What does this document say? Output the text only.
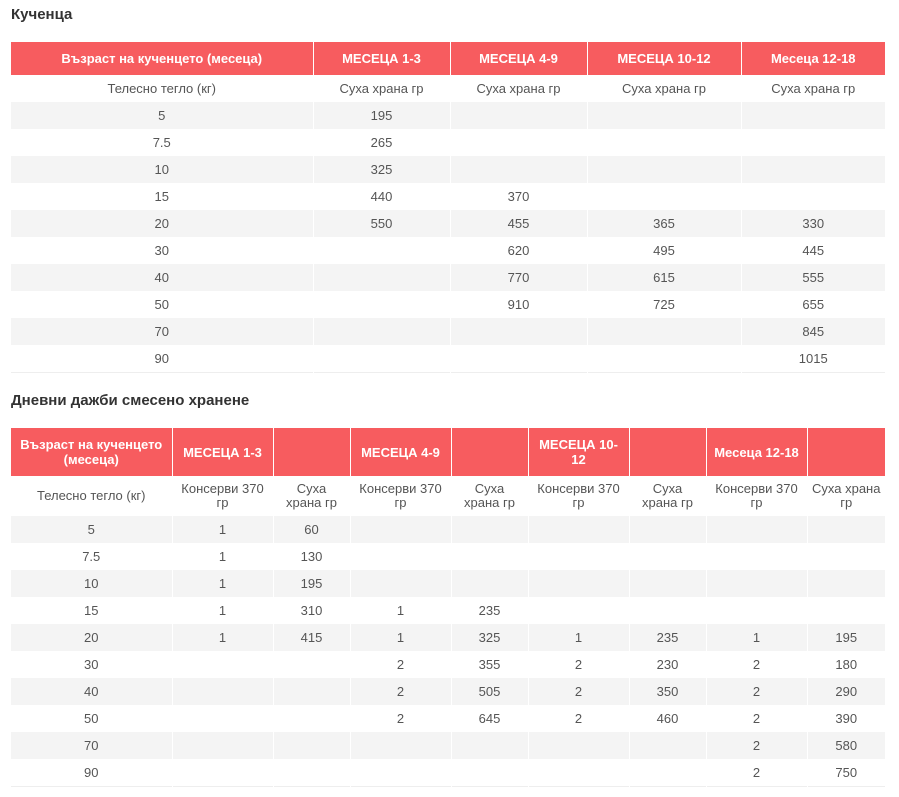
Кученца
Възраст на кученцето (месеца)	МЕСЕЦА 1-3	МЕСЕЦА 4-9	МЕСЕЦА 10-12	Месеца 12-18
Телесно тегло (кг)	Суха храна гр	Суха храна гр	Суха храна гр	Суха храна гр
5	195			
7.5	265			
10	325			
15	440	370		
20	550	455	365	330
30		620	495	445
40		770	615	555
50		910	725	655
70				845
90				1015
Дневни дажби смесено хранене
Възраст на кученцето (месеца)	МЕСЕЦА 1-3		МЕСЕЦА 4-9		МЕСЕЦА 10-12		Месеца 12-18	
Телесно тегло (кг)	Консерви 370 гр	Суха храна гр	Консерви 370 гр	Суха храна гр	Консерви 370 гр	Суха храна гр	Консерви 370 гр	Суха храна гр
5	1	60						
7.5	1	130						
10	1	195						
15	1	310	1	235				
20	1	415	1	325	1	235	1	195
30			2	355	2	230	2	180
40			2	505	2	350	2	290
50			2	645	2	460	2	390
70							2	580
90							2	750
